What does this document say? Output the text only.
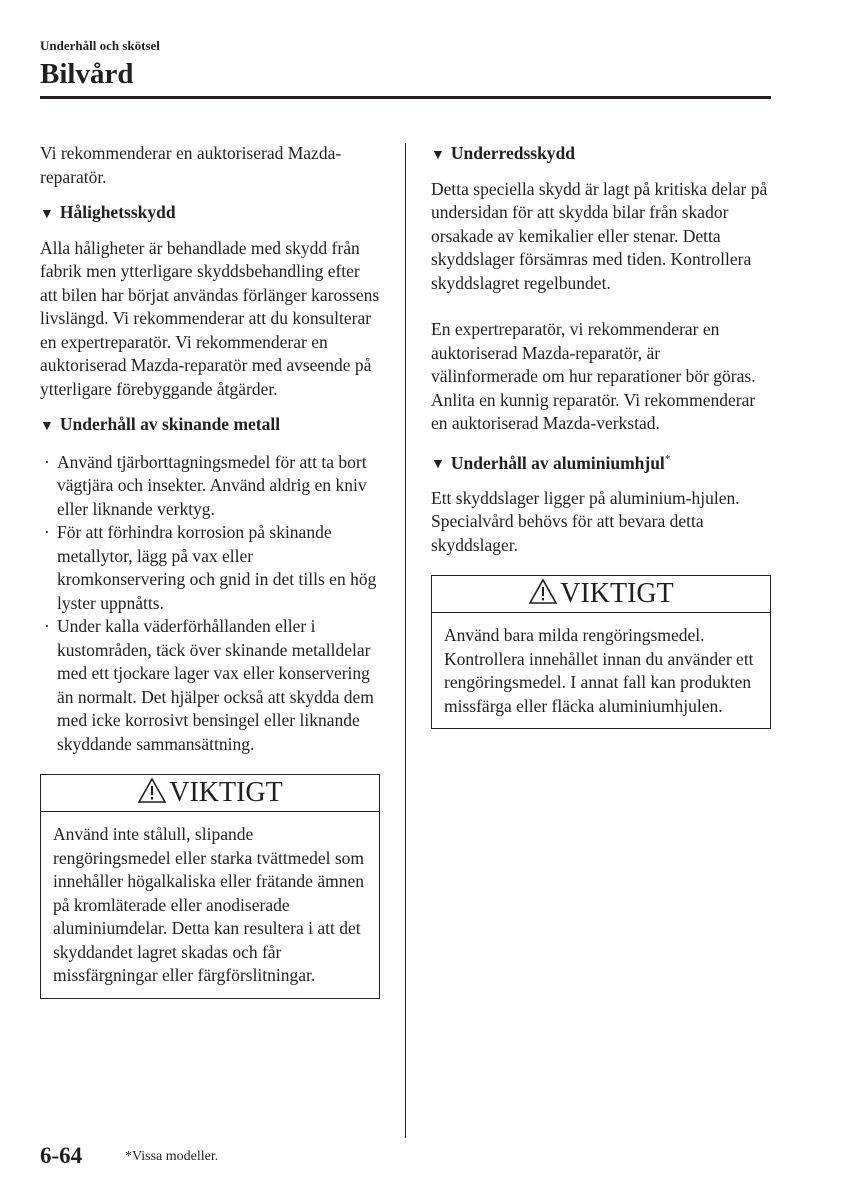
Underhåll och skötsel
Bilvård

Vi rekommenderar en auktoriserad Mazda-reparatör.

▼ Hålighetsskydd

Alla håligheter är behandlade med skydd från fabrik men ytterligare skyddsbehandling efter att bilen har börjat användas förlänger karossens livslängd. Vi rekommenderar att du konsulterar en expertreparatör. Vi rekommenderar en auktoriserad Mazda-reparatör med avseende på ytterligare förebyggande åtgärder.

▼ Underhåll av skinande metall
· Använd tjärborttagningsmedel för att ta bort vägtjära och insekter. Använd aldrig en kniv eller liknande verktyg.
· För att förhindra korrosion på skinande metallytor, lägg på vax eller kromkonservering och gnid in det tills en hög lyster uppnåtts.
· Under kalla väderförhållanden eller i kustområden, täck över skinande metalldelar med ett tjockare lager vax eller konservering än normalt. Det hjälper också att skydda dem med icke korrosivt bensingel eller liknande skyddande sammansättning.
VIKTIGT
Använd inte stålull, slipande rengöringsmedel eller starka tvättmedel som innehåller högalkaliska eller frätande ämnen på kromläterade eller anodiserade aluminiumdelar. Detta kan resultera i att det skyddandet lagret skadas och får missfärgningar eller färgförslitningar.
▼ Underredsskydd

Detta speciella skydd är lagt på kritiska delar på undersidan för att skydda bilar från skador orsakade av kemikalier eller stenar. Detta skyddslager försämras med tiden. Kontrollera skyddslagret regelbundet.

En expertreparatör, vi rekommenderar en auktoriserad Mazda-reparatör, är välinformerade om hur reparationer bör göras. Anlita en kunnig reparatör. Vi rekommenderar en auktoriserad Mazda-verkstad.

▼ Underhåll av aluminiumhjul*

Ett skyddslager ligger på aluminium-hjulen. Specialvård behövs för att bevara detta skyddslager.

VIKTIGT
Använd bara milda rengöringsmedel. Kontrollera innehållet innan du använder ett rengöringsmedel. I annat fall kan produkten missfärga eller fläcka aluminiumhjulen.
6-64	*Vissa modeller.
